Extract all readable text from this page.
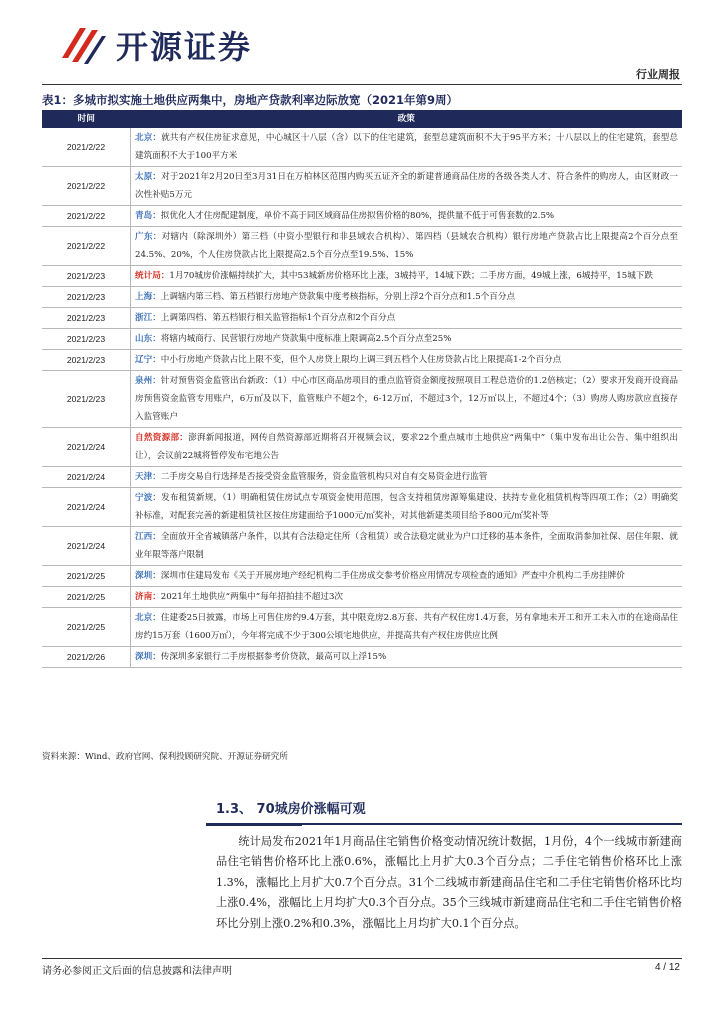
开源证券
行业周报
表1：多城市拟实施土地供应两集中，房地产贷款利率边际放宽（2021年第9周）
时间	政策
2021/2/22	北京：就共有产权住房征求意见，中心城区十八层（含）以下的住宅建筑，套型总建筑面积不大于95平方米；十八层以上的住宅建筑，套型总建筑面积不大于100平方米
2021/2/22	太原：对于2021年2月20日至3月31日在万柏林区范围内购买五证齐全的新建普通商品住房的各级各类人才、符合条件的购房人，由区财政一次性补贴5万元
2021/2/22	青岛：拟优化人才住房配建制度，单价不高于同区域商品住房拟售价格的80%，提供量不低于可售套数的2.5%
2021/2/22	广东：对辖内（除深圳外）第三档（中资小型银行和非县域农合机构）、第四档（县域农合机构）银行房地产贷款占比上限提高2个百分点至24.5%、20%，个人住房贷款占比上限提高2.5个百分点至19.5%、15%
2021/2/23	统计局：1月70城房价涨幅持续扩大，其中53城新房价格环比上涨，3城持平，14城下跌；二手房方面，49城上涨，6城持平，15城下跌
2021/2/23	上海：上调辖内第三档、第五档银行房地产贷款集中度考核指标，分别上浮2个百分点和1.5个百分点
2021/2/23	浙江：上调第四档、第五档银行相关监管指标1个百分点和2个百分点
2021/2/23	山东：将辖内城商行、民营银行房地产贷款集中度标准上限调高2.5个百分点至25%
2021/2/23	辽宁：中小行房地产贷款占比上限不变，但个人房贷上限均上调三到五档个人住房贷款占比上限提高1-2个百分点
2021/2/23	泉州：针对预售资金监管出台新政：（1）中心市区商品房项目的重点监管资金额度按照项目工程总造价的1.2倍核定；（2）要求开发商开设商品房预售资金监管专用账户，6万㎡及以下，监管账户不超2个，6-12万㎡，不超过3个，12万㎡以上，不超过4个；（3）购房人购房款应直接存入监管账户
2021/2/24	自然资源部：澎湃新闻报道，网传自然资源部近期将召开视频会议，要求22个重点城市土地供应“两集中”（集中发布出让公告、集中组织出让），会议前22城将暂停发布宅地公告
2021/2/24	天津：二手房交易自行选择是否接受资金监管服务，资金监管机构只对自有交易资金进行监管
2021/2/24	宁波：发布租赁新规，（1）明确租赁住房试点专项资金使用范围，包含支持租赁房源筹集建设、扶持专业化租赁机构等四项工作；（2）明确奖补标准，对配套完善的新建租赁社区按住房建面给予1000元/㎡奖补，对其他新建类项目给予800元/㎡奖补等
2021/2/24	江西：全面放开全省城镇落户条件，以其有合法稳定住所（含租赁）或合法稳定就业为户口迁移的基本条件，全面取消参加社保、居住年限、就业年限等落户限制
2021/2/25	深圳：深圳市住建局发布《关于开展房地产经纪机构二手住房成交参考价格应用情况专项检查的通知》严查中介机构二手房挂牌价
2021/2/25	济南：2021年土地供应“两集中”每年招拍挂不超过3次
2021/2/25	北京：住建委25日披露，市场上可售住房约9.4万套，其中限竞房2.8万套、共有产权住房1.4万套，另有拿地未开工和开工未入市的在途商品住房约15万套（1600万㎡），今年将完成不少于300公顷宅地供应，并提高共有产权住房供应比例
2021/2/26	深圳：传深圳多家银行二手房根据参考价贷款，最高可以上浮15%
资料来源：Wind、政府官网、保利投顾研究院、开源证券研究所
1.3、 70城房价涨幅可观
统计局发布2021年1月商品住宅销售价格变动情况统计数据，1月份，4个一线城市新建商品住宅销售价格环比上涨0.6%，涨幅比上月扩大0.3个百分点；二手住宅销售价格环比上涨1.3%，涨幅比上月扩大0.7个百分点。31个二线城市新建商品住宅和二手住宅销售价格环比均上涨0.4%，涨幅比上月均扩大0.3个百分点。35个三线城市新建商品住宅和二手住宅销售价格环比分别上涨0.2%和0.3%，涨幅比上月均扩大0.1个百分点。
请务必参阅正文后面的信息披露和法律声明	4 / 12
